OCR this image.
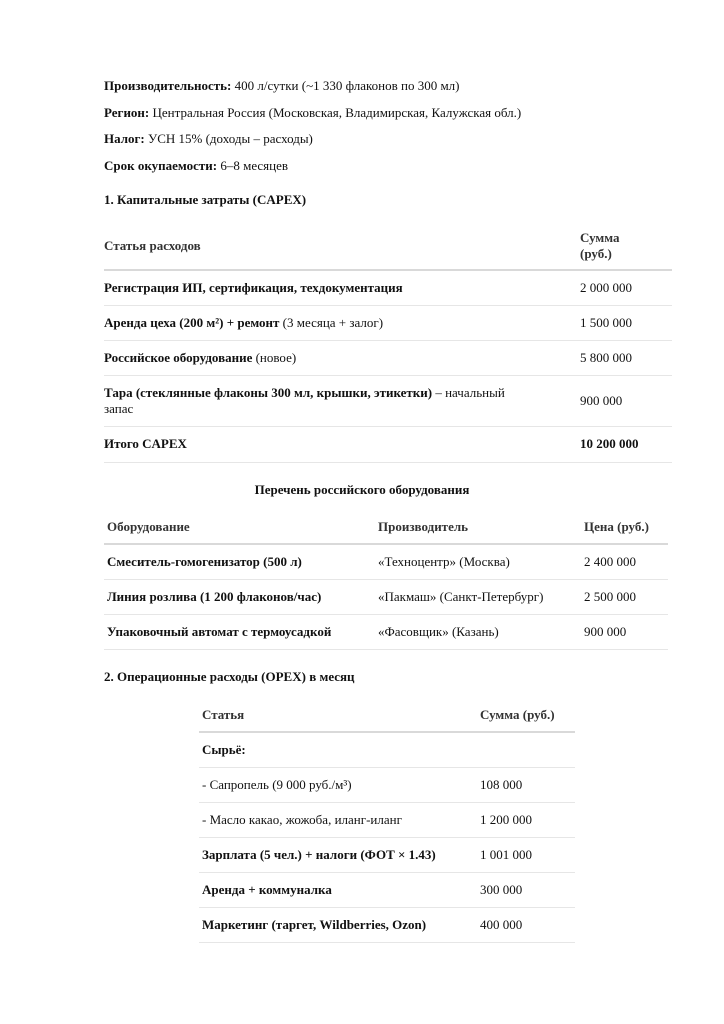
Производительность: 400 л/сутки (~1 330 флаконов по 300 мл)
Регион: Центральная Россия (Московская, Владимирская, Калужская обл.)
Налог: УСН 15% (доходы – расходы)
Срок окупаемости: 6–8 месяцев
1. Капитальные затраты (CAPEX)
Статья расходов	Сумма
(руб.)

Регистрация ИП, сертификация, техдокументация	2 000 000
Аренда цеха (200 м²) + ремонт (3 месяца + залог)	1 500 000
Российское оборудование (новое)	5 800 000
Тара (стеклянные флаконы 300 мл, крышки, этикетки) – начальный
запас	900 000
Итого CAPEX	10 200 000
Перечень российского оборудования
Оборудование	Производитель	Цена (руб.)
Смеситель-гомогенизатор (500 л)	«Техноцентр» (Москва)	2 400 000
Линия розлива (1 200 флаконов/час)	«Пакмаш» (Санкт-Петербург)	2 500 000
Упаковочный автомат с термоусадкой	«Фасовщик» (Казань)	900 000
2. Операционные расходы (OPEX) в месяц
Статья	Сумма (руб.)
Сырьё:	
- Сапропель (9 000 руб./м³)	108 000
- Масло какао, жожоба, иланг-иланг	1 200 000
Зарплата (5 чел.) + налоги (ФОТ × 1.43)	1 001 000
Аренда + коммуналка	300 000
Маркетинг (таргет, Wildberries, Ozon)	400 000
